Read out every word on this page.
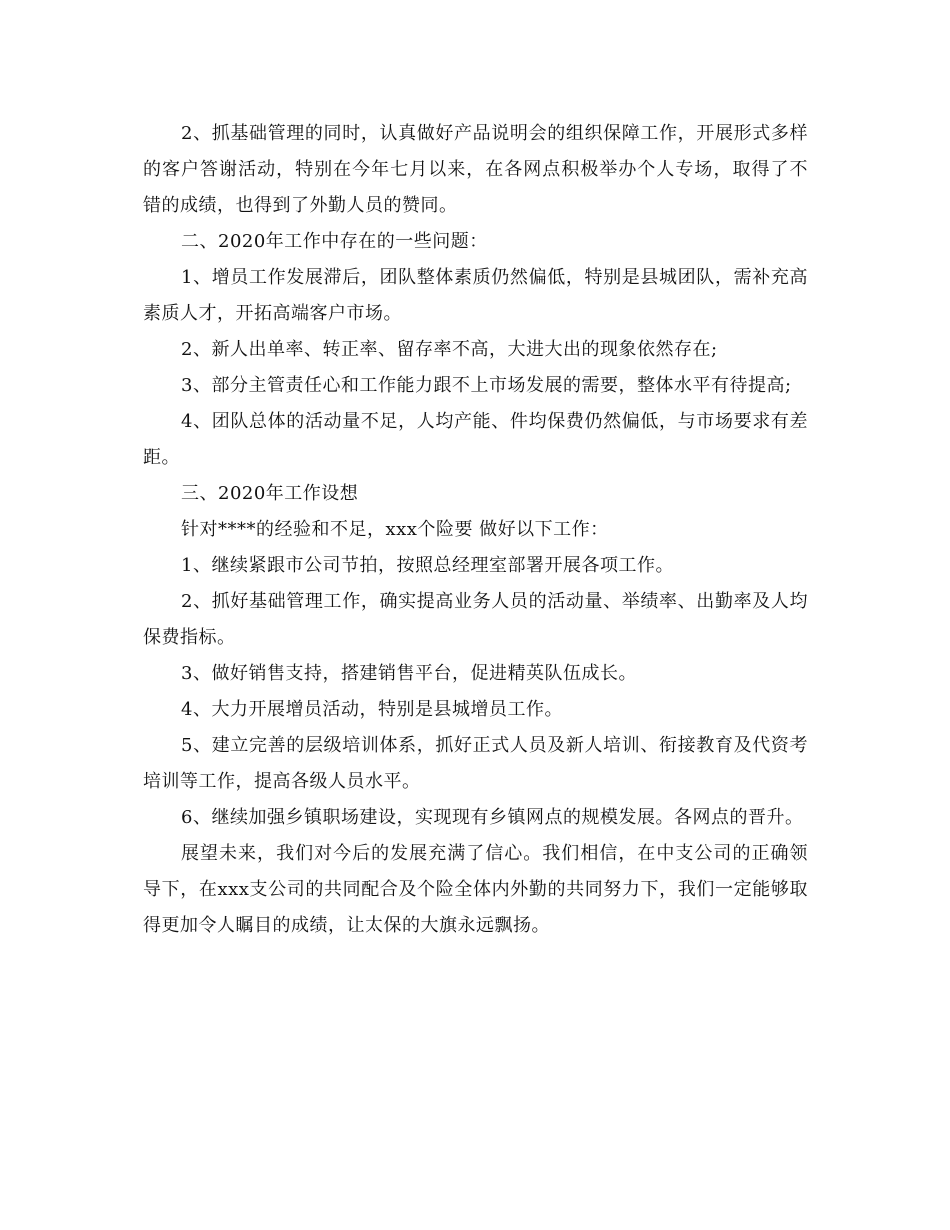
2、抓基础管理的同时，认真做好产品说明会的组织保障工作，开展形式多样的客户答谢活动，特别在今年七月以来，在各网点积极举办个人专场，取得了不错的成绩，也得到了外勤人员的赞同。

二、2020年工作中存在的一些问题：

1、增员工作发展滞后，团队整体素质仍然偏低，特别是县城团队，需补充高素质人才，开拓高端客户市场。

2、新人出单率、转正率、留存率不高，大进大出的现象依然存在;

3、部分主管责任心和工作能力跟不上市场发展的需要，整体水平有待提高;

4、团队总体的活动量不足，人均产能、件均保费仍然偏低，与市场要求有差距。

三、2020年工作设想

针对****的经验和不足，xxx个险要 做好以下工作：

1、继续紧跟市公司节拍，按照总经理室部署开展各项工作。

2、抓好基础管理工作，确实提高业务人员的活动量、举绩率、出勤率及人均保费指标。

3、做好销售支持，搭建销售平台，促进精英队伍成长。

4、大力开展增员活动，特别是县城增员工作。

5、建立完善的层级培训体系，抓好正式人员及新人培训、衔接教育及代资考培训等工作，提高各级人员水平。

6、继续加强乡镇职场建设，实现现有乡镇网点的规模发展。各网点的晋升。

展望未来，我们对今后的发展充满了信心。我们相信，在中支公司的正确领导下，在xxx支公司的共同配合及个险全体内外勤的共同努力下，我们一定能够取得更加令人瞩目的成绩，让太保的大旗永远飘扬。
